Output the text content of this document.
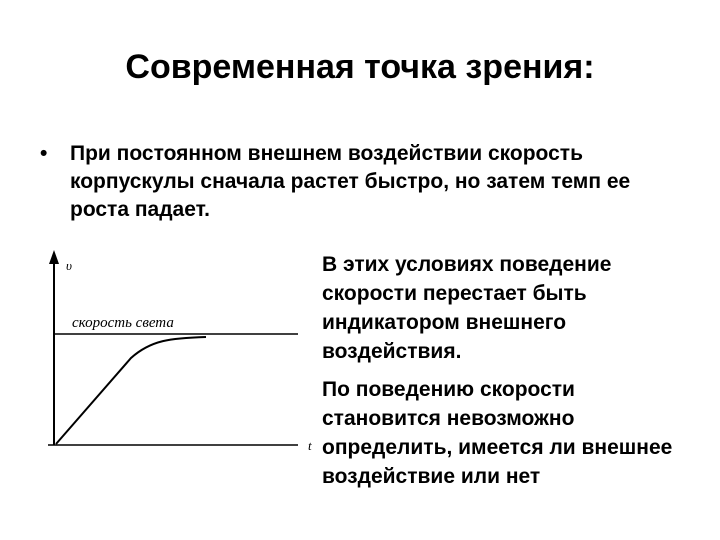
Современная точка зрения:
• При постоянном внешнем воздействии скорость корпускулы сначала растет быстро, но затем темп ее роста падает.
υ
t
скорость света
В этих условиях поведение скорости перестает быть индикатором внешнего воздействия.
По поведению скорости становится невозможно определить, имеется ли внешнее воздействие или нет
